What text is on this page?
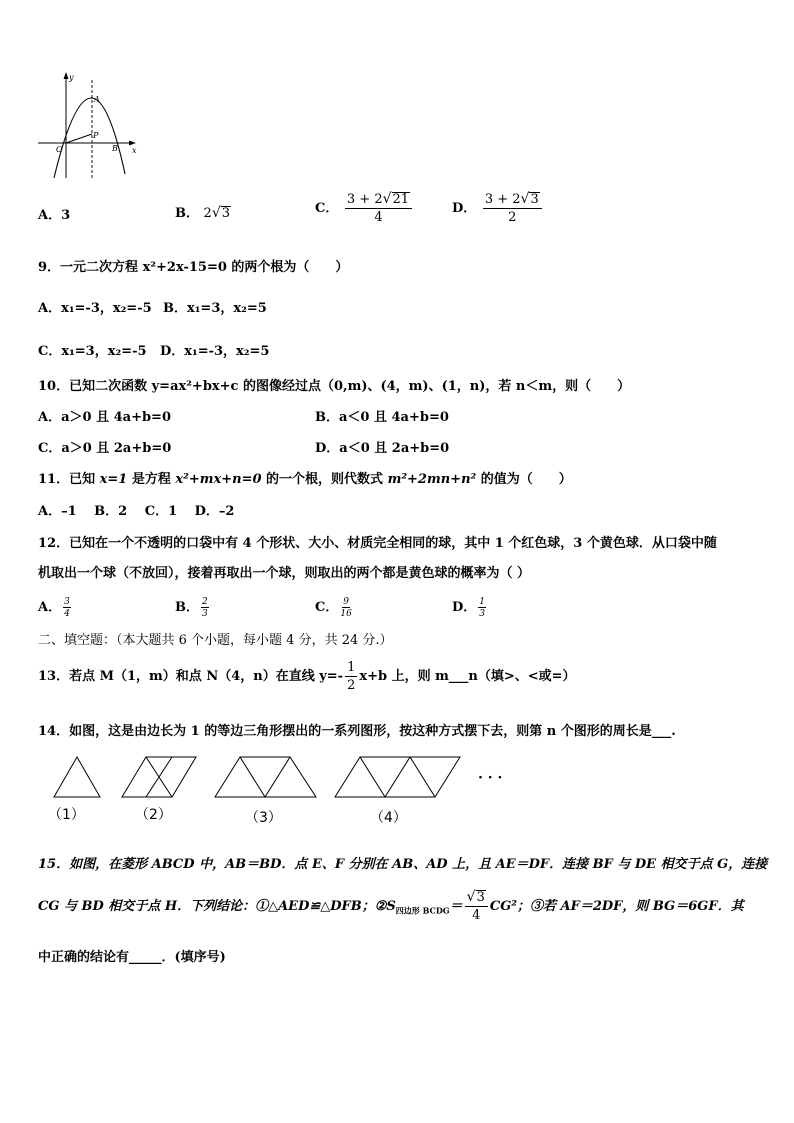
y
x
O
A
P
B
A．3	B． 2 √ 3	C． $\frac{3 + 2 √ 21}{4}$	D． $\frac{3 + 2 √ 3}{2}$
9．一元二次方程 x²+2x-15=0 的两个根为（　　）
A．x₁=-3，x₂=-5 B．x₁=3，x₂=5
C．x₁=3，x₂=-5 D．x₁=-3，x₂=5
10．已知二次函数 y=ax²+bx+c 的图像经过点（0,m)、(4，m)、(1，n)，若 n＜m，则（　　）
A．a＞0 且 4a+b=0	B．a＜0 且 4a+b=0
C．a＞0 且 2a+b=0	D．a＜0 且 2a+b=0
11．已知 x=1 是方程 x²+mx+n=0 的一个根，则代数式 m²+2mn+n² 的值为（　　）
A．–1　 B．2　 C．1　 D．–2
12．已知在一个不透明的口袋中有 4 个形状、大小、材质完全相同的球，其中 1 个红色球，3 个黄色球．从口袋中随
机取出一个球（不放回），接着再取出一个球，则取出的两个都是黄色球的概率为（ ）
A． $\frac{3}{4}$	B． $\frac{2}{3}$	C． $\frac{9}{16}$	D． $\frac{1}{3}$
二、填空题：（本大题共 6 个小题，每小题 4 分，共 24 分.）
13．若点 M（1，m）和点 N（4，n）在直线 $y=- \frac{1}{2} x+b$ 上，则 m___n（填>、<或=）
14．如图，这是由边长为 1 的等边三角形摆出的一系列图形，按这种方式摆下去，则第 n 个图形的周长是___.
（1）	（2）	（3）	（4）
· · ·
15．如图，在菱形 ABCD 中，AB＝BD．点 E、F 分别在 AB、AD 上，且 AE＝DF．连接 BF 与 DE 相交于点 G，连接
CG 与 BD 相交于点 H．下列结论：①△AED≌△DFB；$②S_{四边形 BCDG}= \frac{√ 3}{4} CG^2$；③若 AF＝2DF，则 BG＝6GF．其
中正确的结论有_____．(填序号)
